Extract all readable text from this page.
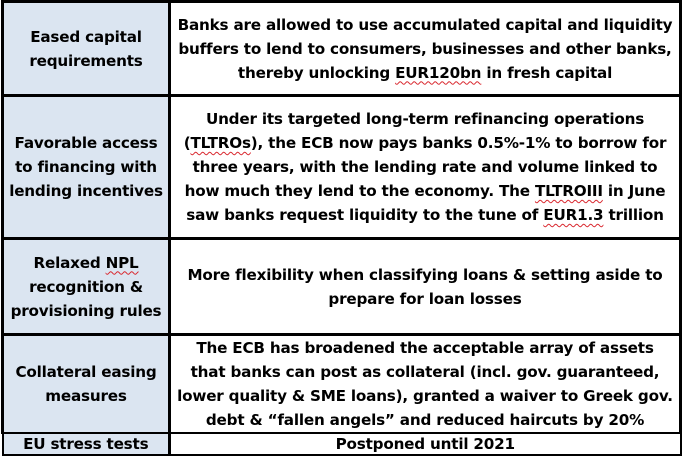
Eased capital requirements	Banks are allowed to use accumulated capital and liquidity buffers to lend to consumers, businesses and other banks, thereby unlocking EUR120bn in fresh capital
Favorable access to financing with lending incentives	Under its targeted long-term refinancing operations (TLTROs), the ECB now pays banks 0.5%-1% to borrow for three years, with the lending rate and volume linked to how much they lend to the economy. The TLTROIII in June saw banks request liquidity to the tune of EUR1.3 trillion
Relaxed NPL recognition & provisioning rules	More flexibility when classifying loans & setting aside to prepare for loan losses
Collateral easing measures	The ECB has broadened the acceptable array of assets that banks can post as collateral (incl. gov. guaranteed, lower quality & SME loans), granted a waiver to Greek gov. debt & “fallen angels” and reduced haircuts by 20%
EU stress tests	Postponed until 2021
